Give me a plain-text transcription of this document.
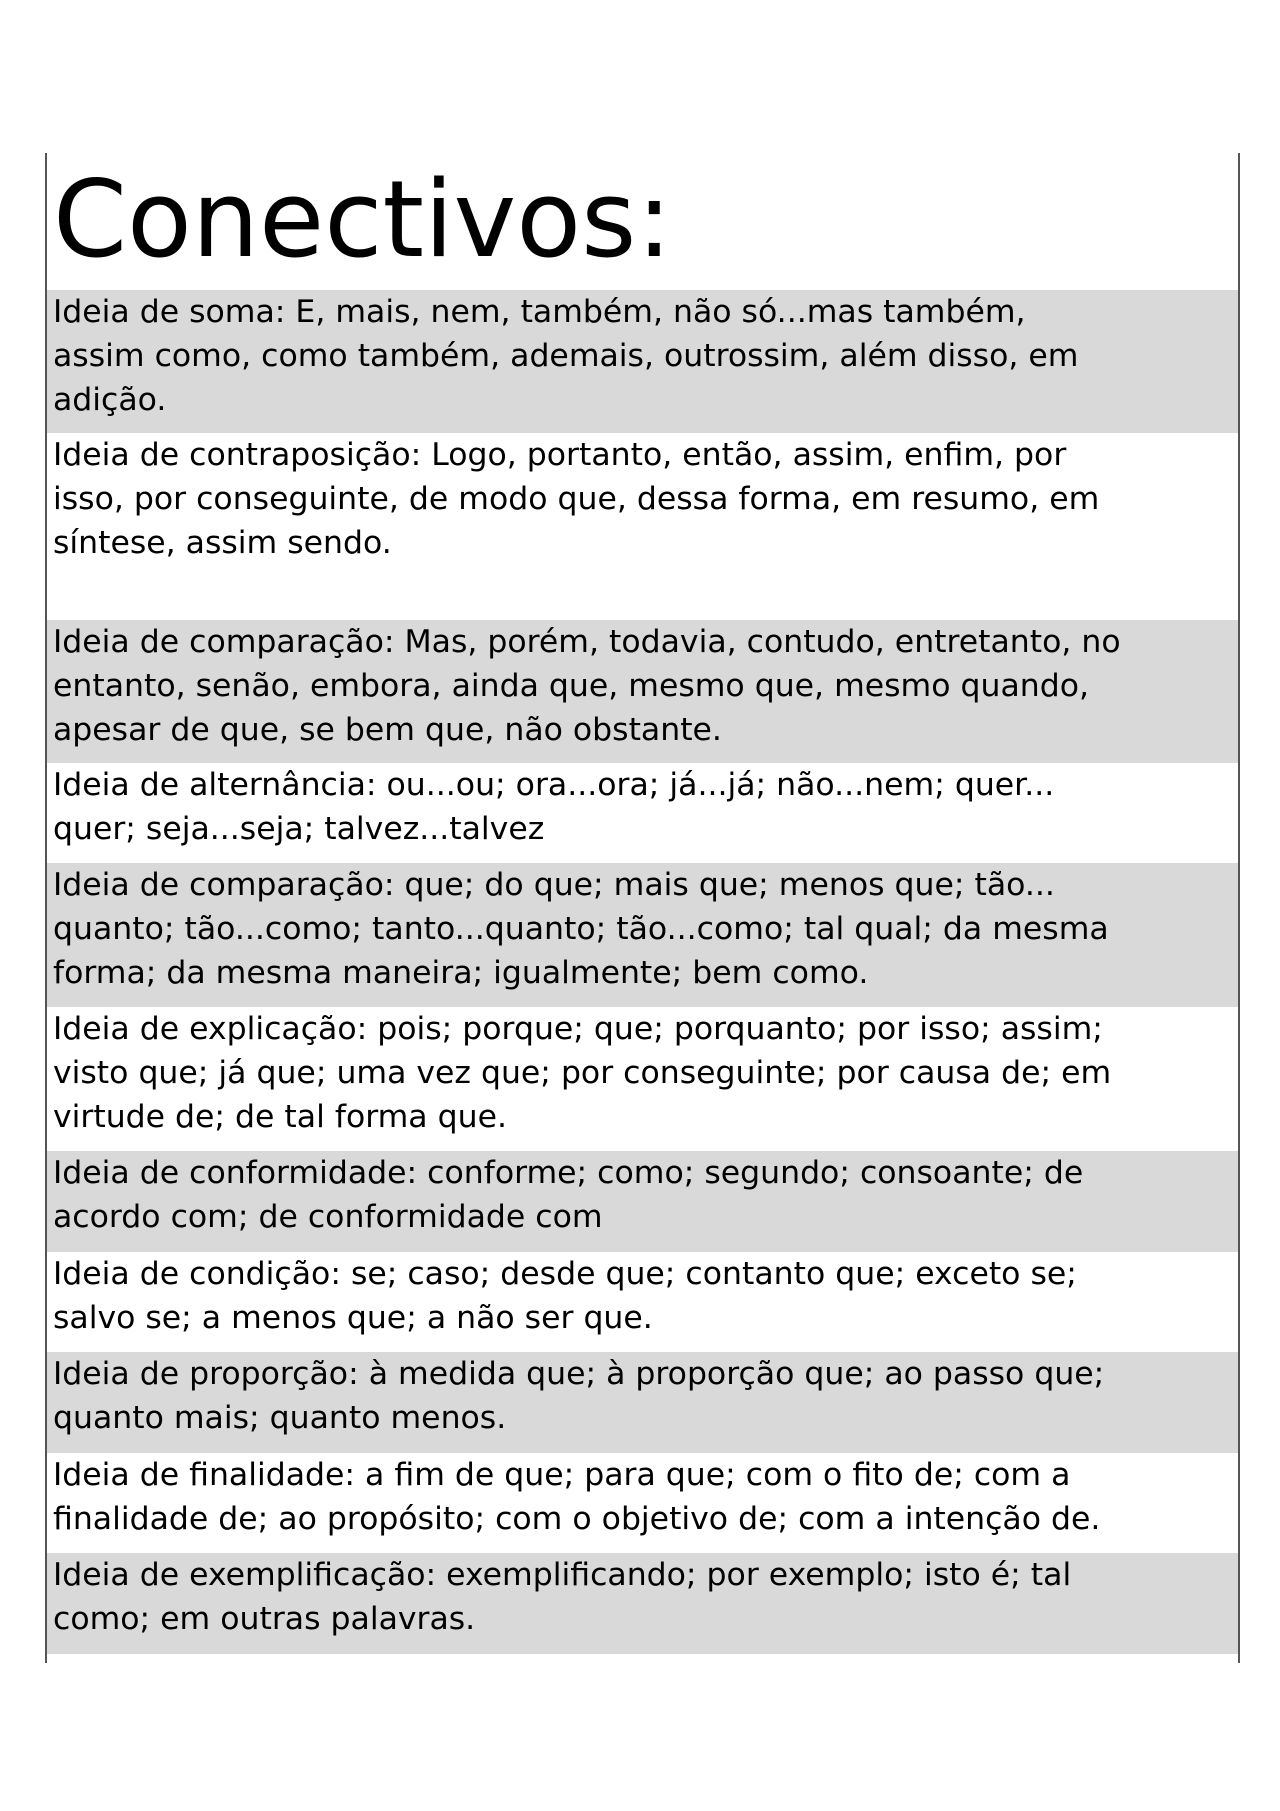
Conectivos:

Ideia de soma: E, mais, nem, também, não só...mas também,
assim como, como também, ademais, outrossim, além disso, em
adição.

Ideia de contraposição: Logo, portanto, então, assim, enfim, por
isso, por conseguinte, de modo que, dessa forma, em resumo, em
síntese, assim sendo.

Ideia de comparação: Mas, porém, todavia, contudo, entretanto, no
entanto, senão, embora, ainda que, mesmo que, mesmo quando,
apesar de que, se bem que, não obstante.

Ideia de alternância: ou...ou; ora...ora; já...já; não...nem; quer...
quer; seja...seja; talvez...talvez

Ideia de comparação: que; do que; mais que; menos que; tão...
quanto; tão...como; tanto...quanto; tão...como; tal qual; da mesma
forma; da mesma maneira; igualmente; bem como.

Ideia de explicação: pois; porque; que; porquanto; por isso; assim;
visto que; já que; uma vez que; por conseguinte; por causa de; em
virtude de; de tal forma que.

Ideia de conformidade: conforme; como; segundo; consoante; de
acordo com; de conformidade com

Ideia de condição: se; caso; desde que; contanto que; exceto se;
salvo se; a menos que; a não ser que.

Ideia de proporção: à medida que; à proporção que; ao passo que;
quanto mais; quanto menos.

Ideia de finalidade: a fim de que; para que; com o fito de; com a
finalidade de; ao propósito; com o objetivo de; com a intenção de.

Ideia de exemplificação: exemplificando; por exemplo; isto é; tal
como; em outras palavras.
